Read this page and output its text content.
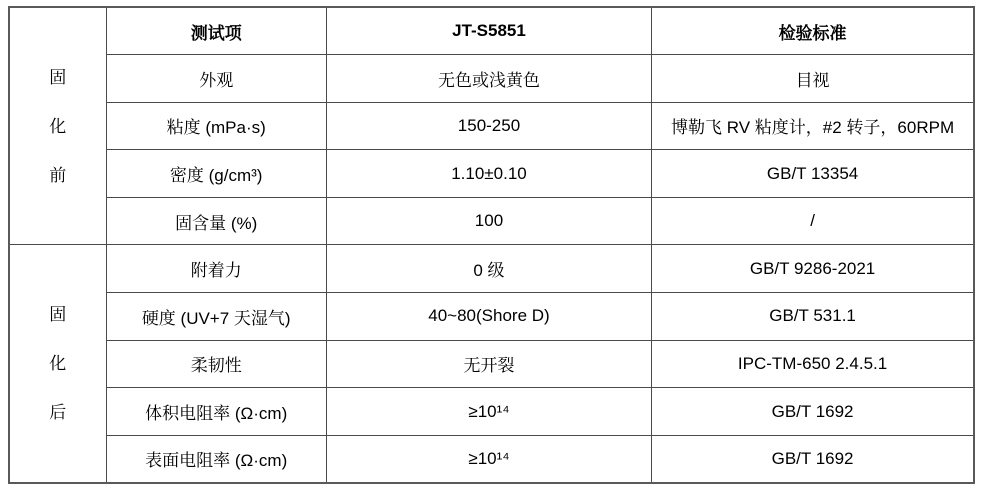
固化前	测试项	JT-S5851	检验标准
	外观	无色或浅黄色	目视
	粘度 (mPa·s)	150-250	博勒飞 RV 粘度计，#2 转子，60RPM
	密度 (g/cm³)	1.10±0.10	GB/T 13354
	固含量 (%)	100	/

固化后	附着力	0 级	GB/T 9286-2021
	硬度 (UV+7 天湿气)	40~80(Shore D)	GB/T 531.1
	柔韧性	无开裂	IPC-TM-650 2.4.5.1
	体积电阻率 (Ω·cm)	≥10¹⁴	GB/T 1692
	表面电阻率 (Ω·cm)	≥10¹⁴	GB/T 1692
